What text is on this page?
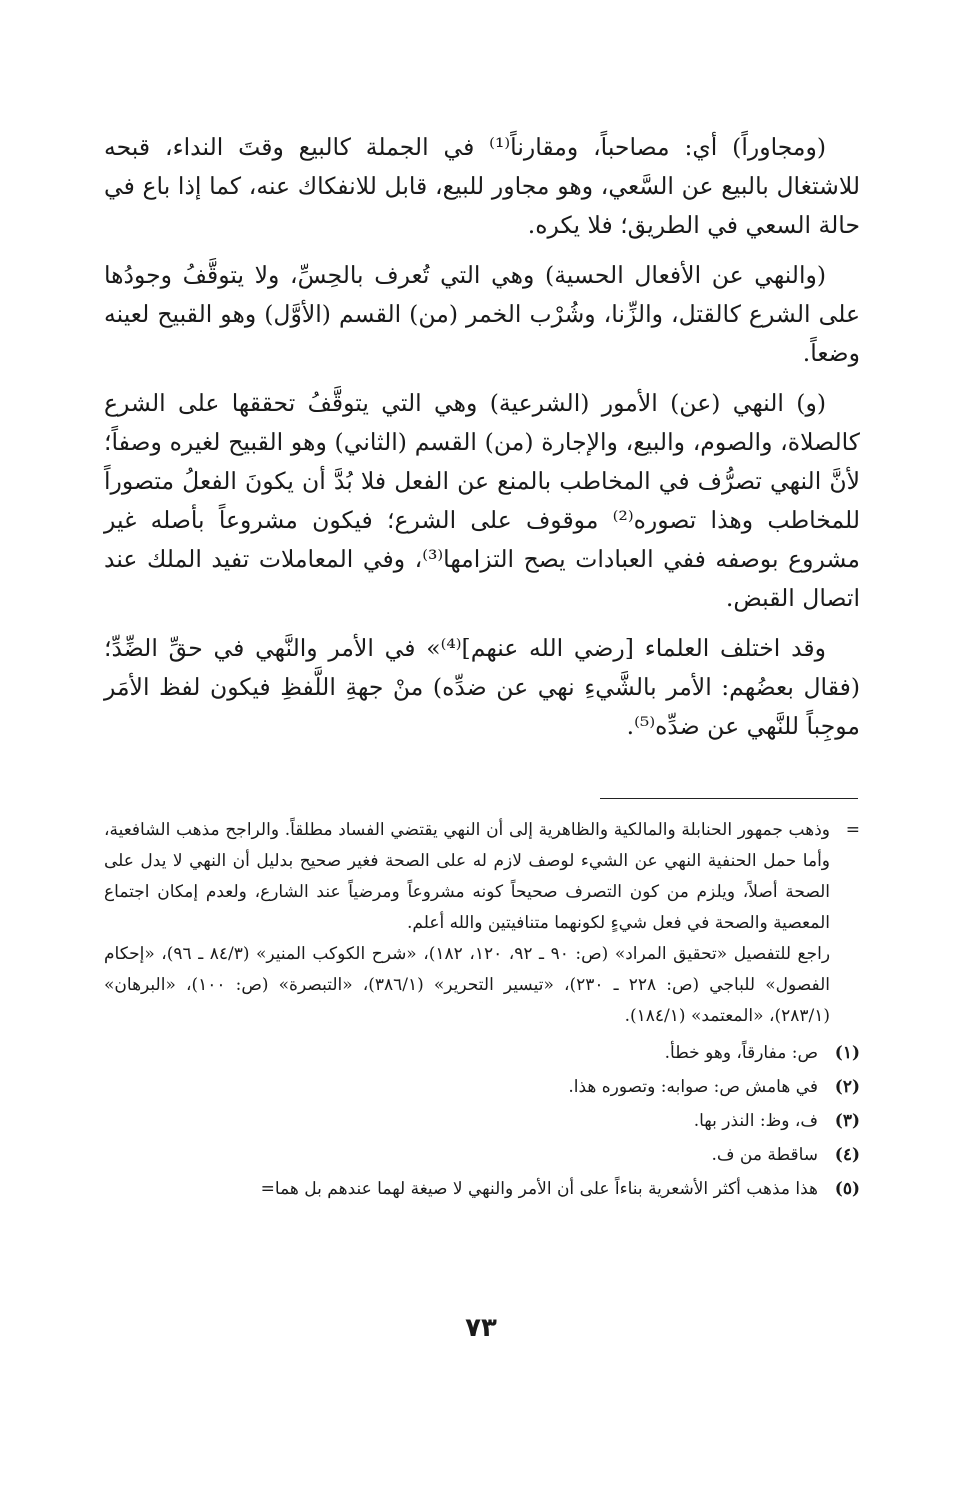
(ومجاوراً) أي: مصاحباً، ومقارناً⁽¹⁾ في الجملة كالبيع وقتَ النداء، قبحه للاشتغال بالبيع عن السَّعي، وهو مجاور للبيع، قابل للانفكاك عنه، كما إذا باع في حالة السعي في الطريق؛ فلا يكره.

(والنهي عن الأفعال الحسية) وهي التي تُعرف بالحِسِّ، ولا يتوقَّفُ وجودُها على الشرع كالقتل، والزِّنا، وشُرْب الخمر (من) القسم (الأوَّل) وهو القبيح لعينه وضعاً.

(و) النهي (عن) الأمور (الشرعية) وهي التي يتوقَّفُ تحققها على الشرع كالصلاة، والصوم، والبيع، والإجارة (من) القسم (الثاني) وهو القبيح لغيره وصفاً؛ لأنَّ النهي تصرُّف في المخاطب بالمنع عن الفعل فلا بُدَّ أن يكونَ الفعلُ متصوراً للمخاطب وهذا تصوره⁽²⁾ موقوف على الشرع؛ فيكون مشروعاً بأصله غير مشروع بوصفه ففي العبادات يصح التزامها⁽³⁾، وفي المعاملات تفيد الملك عند اتصال القبض.

وقد اختلف العلماء [رضي الله عنهم]⁽⁴⁾» في الأمر والنَّهي في حقِّ الضِّدِّ؛ (فقال بعضُهم: الأمر بالشَّيءِ نهي عن ضدِّه) منْ جهةِ اللَّفظِ فيكون لفظ الأمَر موجِباً للنَّهي عن ضدِّه⁽⁵⁾.

=

وذهب جمهور الحنابلة والمالكية والظاهرية إلى أن النهي يقتضي الفساد مطلقاً. والراجح مذهب الشافعية، وأما حمل الحنفية النهي عن الشيء لوصف لازم له على الصحة فغير صحيح بدليل أن النهي لا يدل على الصحة أصلاً، ويلزم من كون التصرف صحيحاً كونه مشروعاً ومرضياً عند الشارع، ولعدم إمكان اجتماع المعصية والصحة في فعل شيءٍ لكونهما متنافيتين والله أعلم.

راجع للتفصيل «تحقيق المراد» (ص: ٩٠ ـ ٩٢، ١٢٠، ١٨٢)، «شرح الكوكب المنير» (٨٤/٣ ـ ٩٦)، «إحكام الفصول» للباجي (ص: ٢٢٨ ـ ٢٣٠)، «تيسير التحرير» (٣٨٦/١)، «التبصرة» (ص: ١٠٠)، «البرهان» (٢٨٣/١)، «المعتمد» (١٨٤/١).

(١)
ص: مفارقاً، وهو خطأ.
(٢)
في هامش ص: صوابه: وتصوره هذا.
(٣)
ف، وظ: النذر بها.
(٤)
ساقطة من ف.
(٥)
هذا مذهب أكثر الأشعرية بناءاً على أن الأمر والنهي لا صيغة لهما عندهم بل هما=
٧٣
